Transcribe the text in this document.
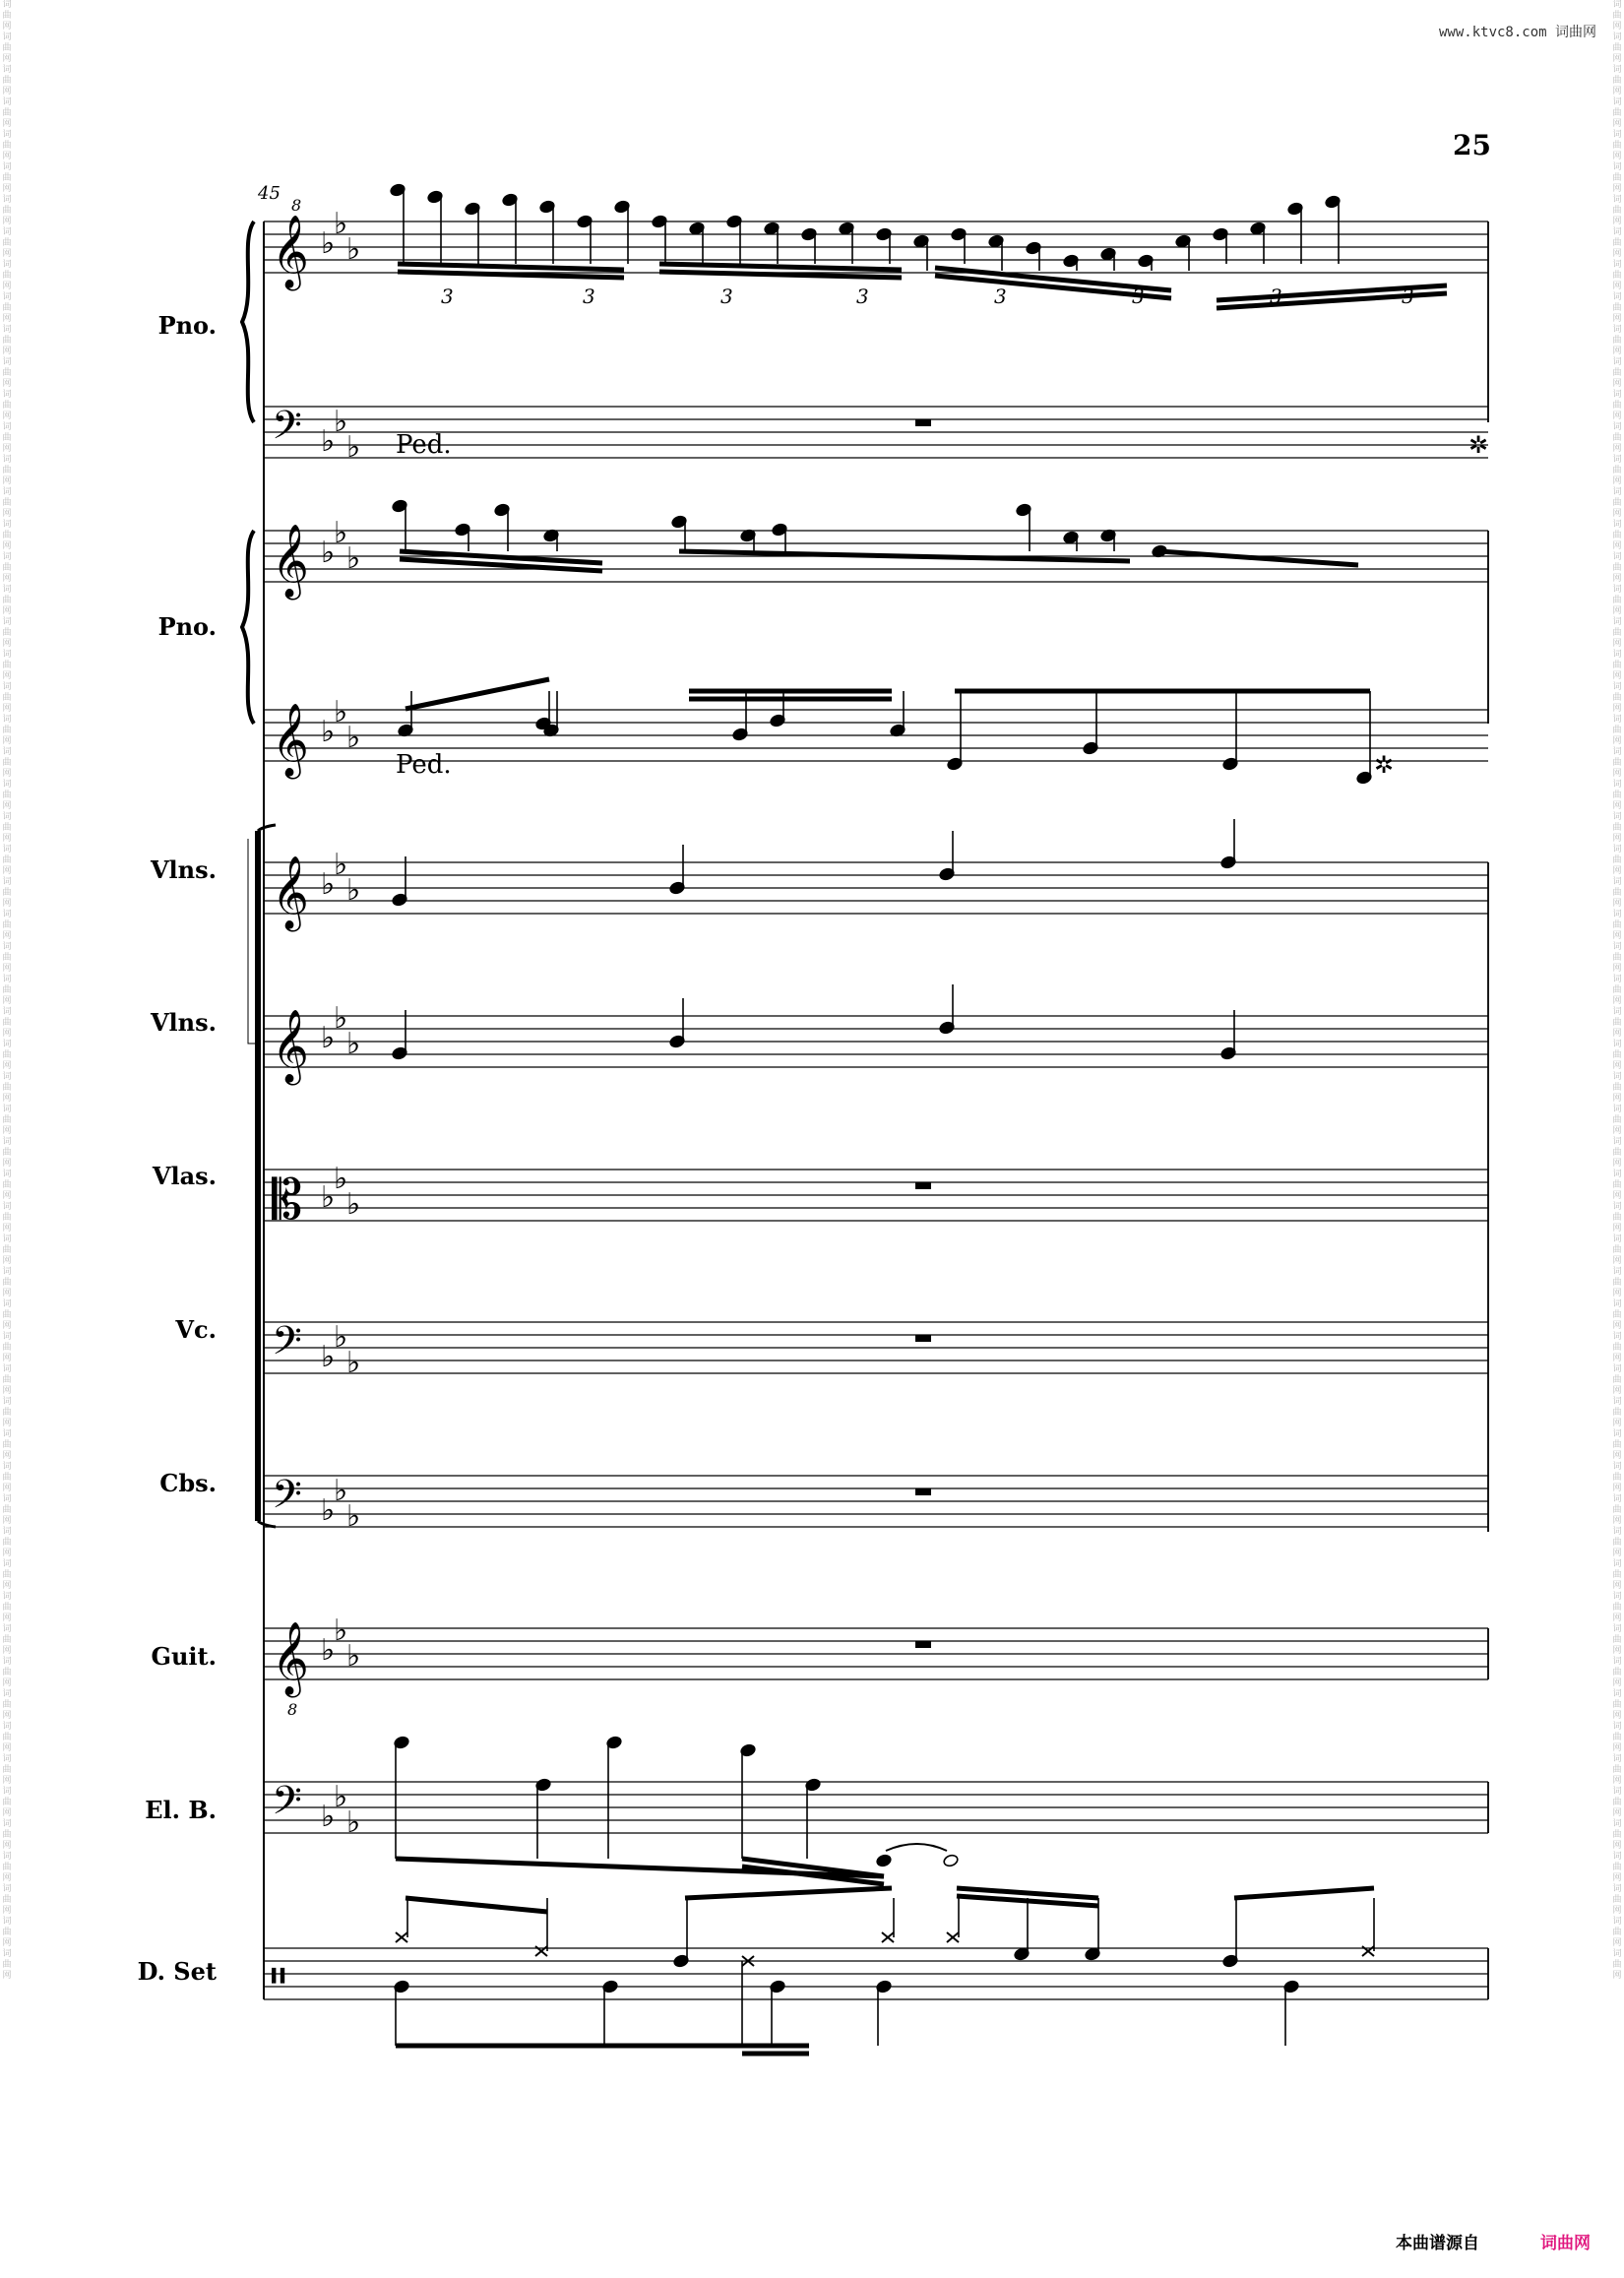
词曲网词曲网词曲网词曲网词曲网词曲网词曲网词曲网词曲网词曲网词曲网词曲网词曲网词曲网词曲网词曲网词曲网词曲网词曲网词曲网词曲网词曲网词曲网词曲网词曲网词曲网词曲网词曲网词曲网词曲网词曲网词曲网词曲网词曲网词曲网词曲网词曲网词曲网词曲网词曲网词曲网词曲网词曲网词曲网词曲网词曲网词曲网词曲网词曲网词曲网词曲网词曲网词曲网词曲网词曲网词曲网词曲网词曲网词曲网词曲网词曲网
词曲网词曲网词曲网词曲网词曲网词曲网词曲网词曲网词曲网词曲网词曲网词曲网词曲网词曲网词曲网词曲网词曲网词曲网词曲网词曲网词曲网词曲网词曲网词曲网词曲网词曲网词曲网词曲网词曲网词曲网词曲网词曲网词曲网词曲网词曲网词曲网词曲网词曲网词曲网词曲网词曲网词曲网词曲网词曲网词曲网词曲网词曲网词曲网词曲网词曲网词曲网词曲网词曲网词曲网词曲网词曲网词曲网词曲网词曲网词曲网词曲网
www.ktvc8.com 词曲网
25
45
Pno.
Pno.
Vlns.
Vlns.
Vlas.
Vc.
Cbs.
Guit.
El. B.
D. Set
本曲谱源自	词曲网
𝄞
𝄢
𝄞
𝄞
𝄞
𝄞
𝄡
𝄢
𝄢
𝄞
𝄢
𝄥
♭
♭
♭
♭
♭
♭
♭
♭
♭
♭
♭
♭
♭
♭
♭
♭
♭
♭
♭
♭
♭
♭
♭
♭
♭
♭
♭
♭
♭
♭
♭
♭
♭
8
3	3	3	3	3	3	3	3
Ped.	✲
Ped.	✲
8
